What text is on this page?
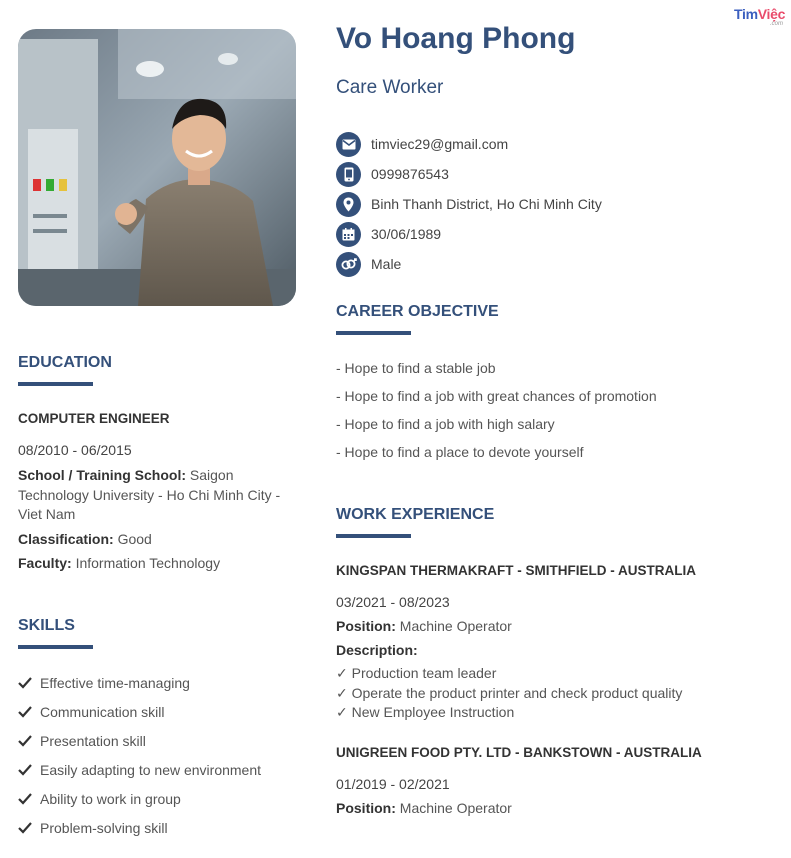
TimViệc
.com
EDUCATION
COMPUTER ENGINEER
08/2010 - 06/2015
School / Training School: Saigon Technology University - Ho Chi Minh City - Viet Nam
Classification: Good
Faculty: Information Technology
SKILLS
Effective time-managing
Communication skill
Presentation skill
Easily adapting to new environment
Ability to work in group
Problem-solving skill
Vo Hoang Phong
Care Worker
timviec29@gmail.com
0999876543
Binh Thanh District, Ho Chi Minh City
30/06/1989
Male
CAREER OBJECTIVE
- Hope to find a stable job
- Hope to find a job with great chances of promotion
- Hope to find a job with high salary
- Hope to find a place to devote yourself
WORK EXPERIENCE
KINGSPAN THERMAKRAFT - SMITHFIELD - AUSTRALIA
03/2021 - 08/2023
Position: Machine Operator
Description:
✓ Production team leader
✓ Operate the product printer and check product quality
✓ New Employee Instruction
UNIGREEN FOOD PTY. LTD - BANKSTOWN - AUSTRALIA
01/2019 - 02/2021
Position: Machine Operator
